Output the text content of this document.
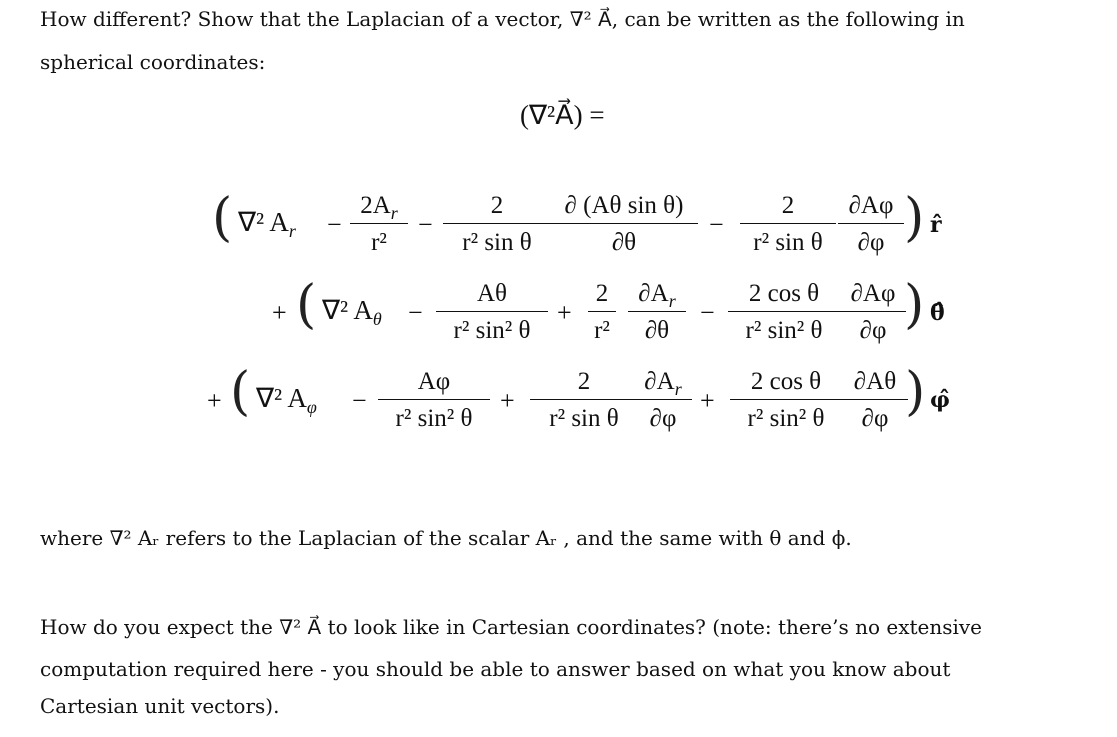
How different? Show that the Laplacian of a vector, ∇² A⃗, can be written as the following in
spherical coordinates:
(∇²A⃗) =
( ∇² $A_r$ −
$2A_r$
r²
−
2
r² sin θ
∂ (Aθ sin θ)
∂θ
−
2
r² sin θ
∂Aφ
∂φ ) r̂
+ ( ∇² $A_\theta$ −
Aθ
r² sin² θ
+
2
r²
$\partial A_r$
∂θ
−
2 cos θ
r² sin² θ
∂Aφ
∂φ ) θ̂
+ ( ∇² $A_\varphi$ −
Aφ
r² sin² θ
+
2
r² sin θ
$\partial A_r$
∂φ
+
2 cos θ
r² sin² θ
∂Aθ
∂φ ) φ̂
where ∇² Aᵣ refers to the Laplacian of the scalar Aᵣ , and the same with θ and ϕ.
How do you expect the ∇² A⃗ to look like in Cartesian coordinates? (note: there’s no extensive
computation required here - you should be able to answer based on what you know about
Cartesian unit vectors).
